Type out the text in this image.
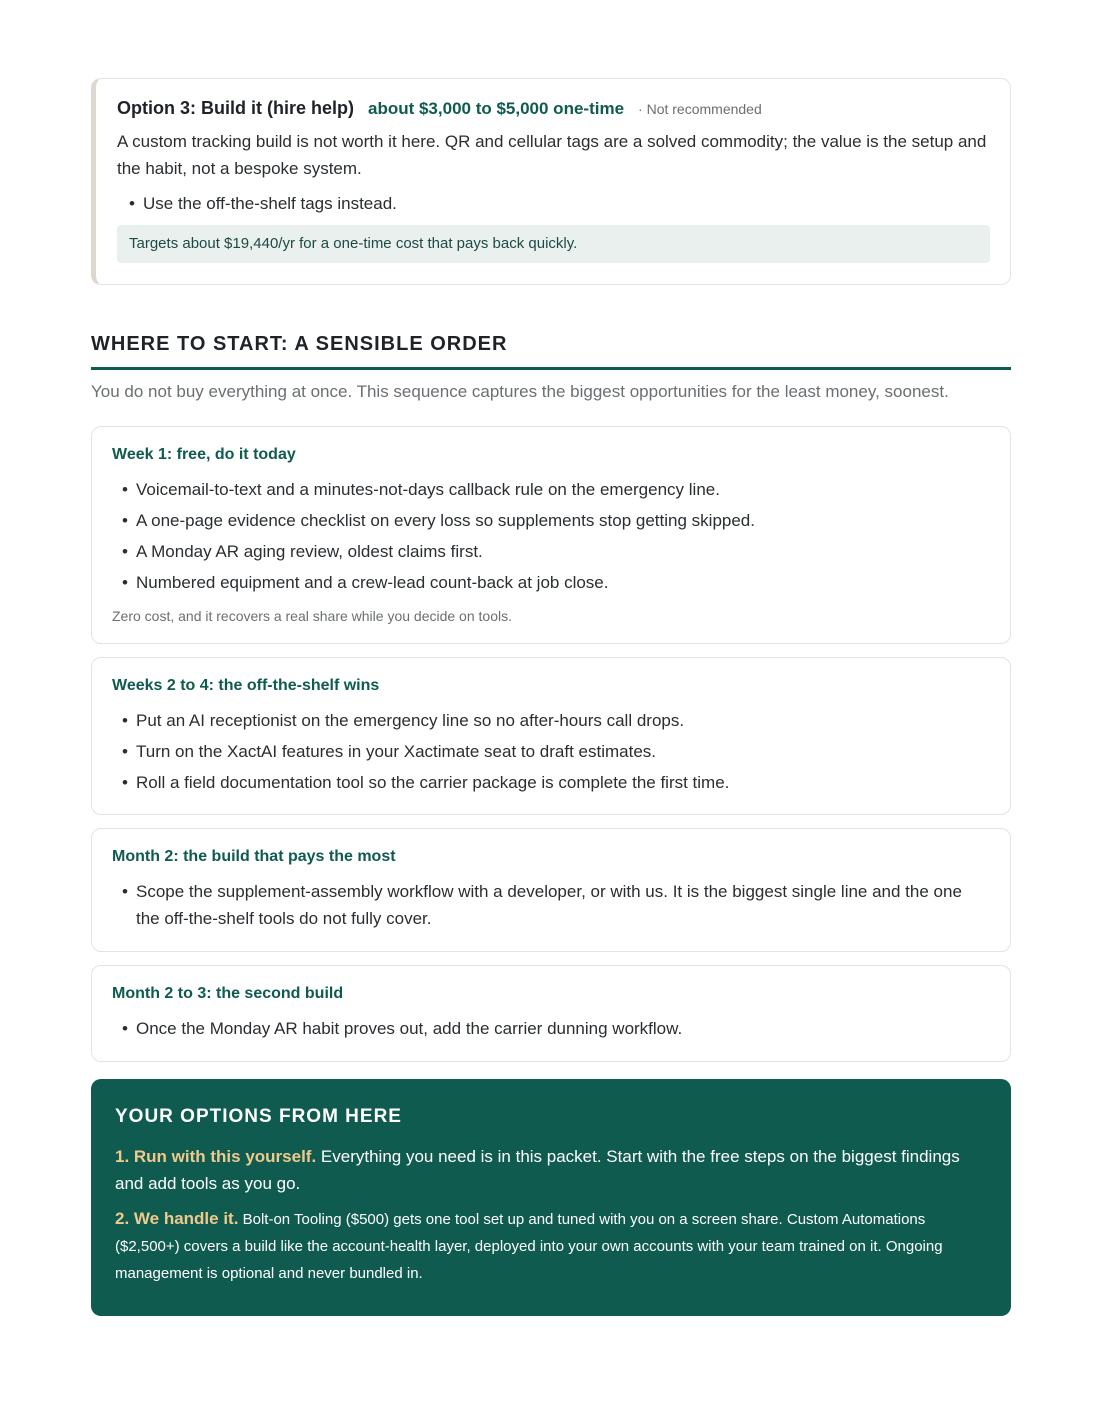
Option 3: Build it (hire help) about $3,000 to $5,000 one-time · Not recommended

A custom tracking build is not worth it here. QR and cellular tags are a solved commodity; the value is the setup and the habit, not a bespoke system.

• Use the off-the-shelf tags instead.
Targets about $19,440/yr for a one-time cost that pays back quickly.
WHERE TO START: A SENSIBLE ORDER
You do not buy everything at once. This sequence captures the biggest opportunities for the least money, soonest.
Week 1: free, do it today
• Voicemail-to-text and a minutes-not-days callback rule on the emergency line.
• A one-page evidence checklist on every loss so supplements stop getting skipped.
• A Monday AR aging review, oldest claims first.
• Numbered equipment and a crew-lead count-back at job close.
Zero cost, and it recovers a real share while you decide on tools.
Weeks 2 to 4: the off-the-shelf wins
• Put an AI receptionist on the emergency line so no after-hours call drops.
• Turn on the XactAI features in your Xactimate seat to draft estimates.
• Roll a field documentation tool so the carrier package is complete the first time.
Month 2: the build that pays the most
• Scope the supplement-assembly workflow with a developer, or with us. It is the biggest single line and the one the off-the-shelf tools do not fully cover.
Month 2 to 3: the second build
• Once the Monday AR habit proves out, add the carrier dunning workflow.
YOUR OPTIONS FROM HERE
1. Run with this yourself. Everything you need is in this packet. Start with the free steps on the biggest findings and add tools as you go.
2. We handle it. Bolt-on Tooling ($500) gets one tool set up and tuned with you on a screen share. Custom Automations ($2,500+) covers a build like the account-health layer, deployed into your own accounts with your team trained on it. Ongoing management is optional and never bundled in.
